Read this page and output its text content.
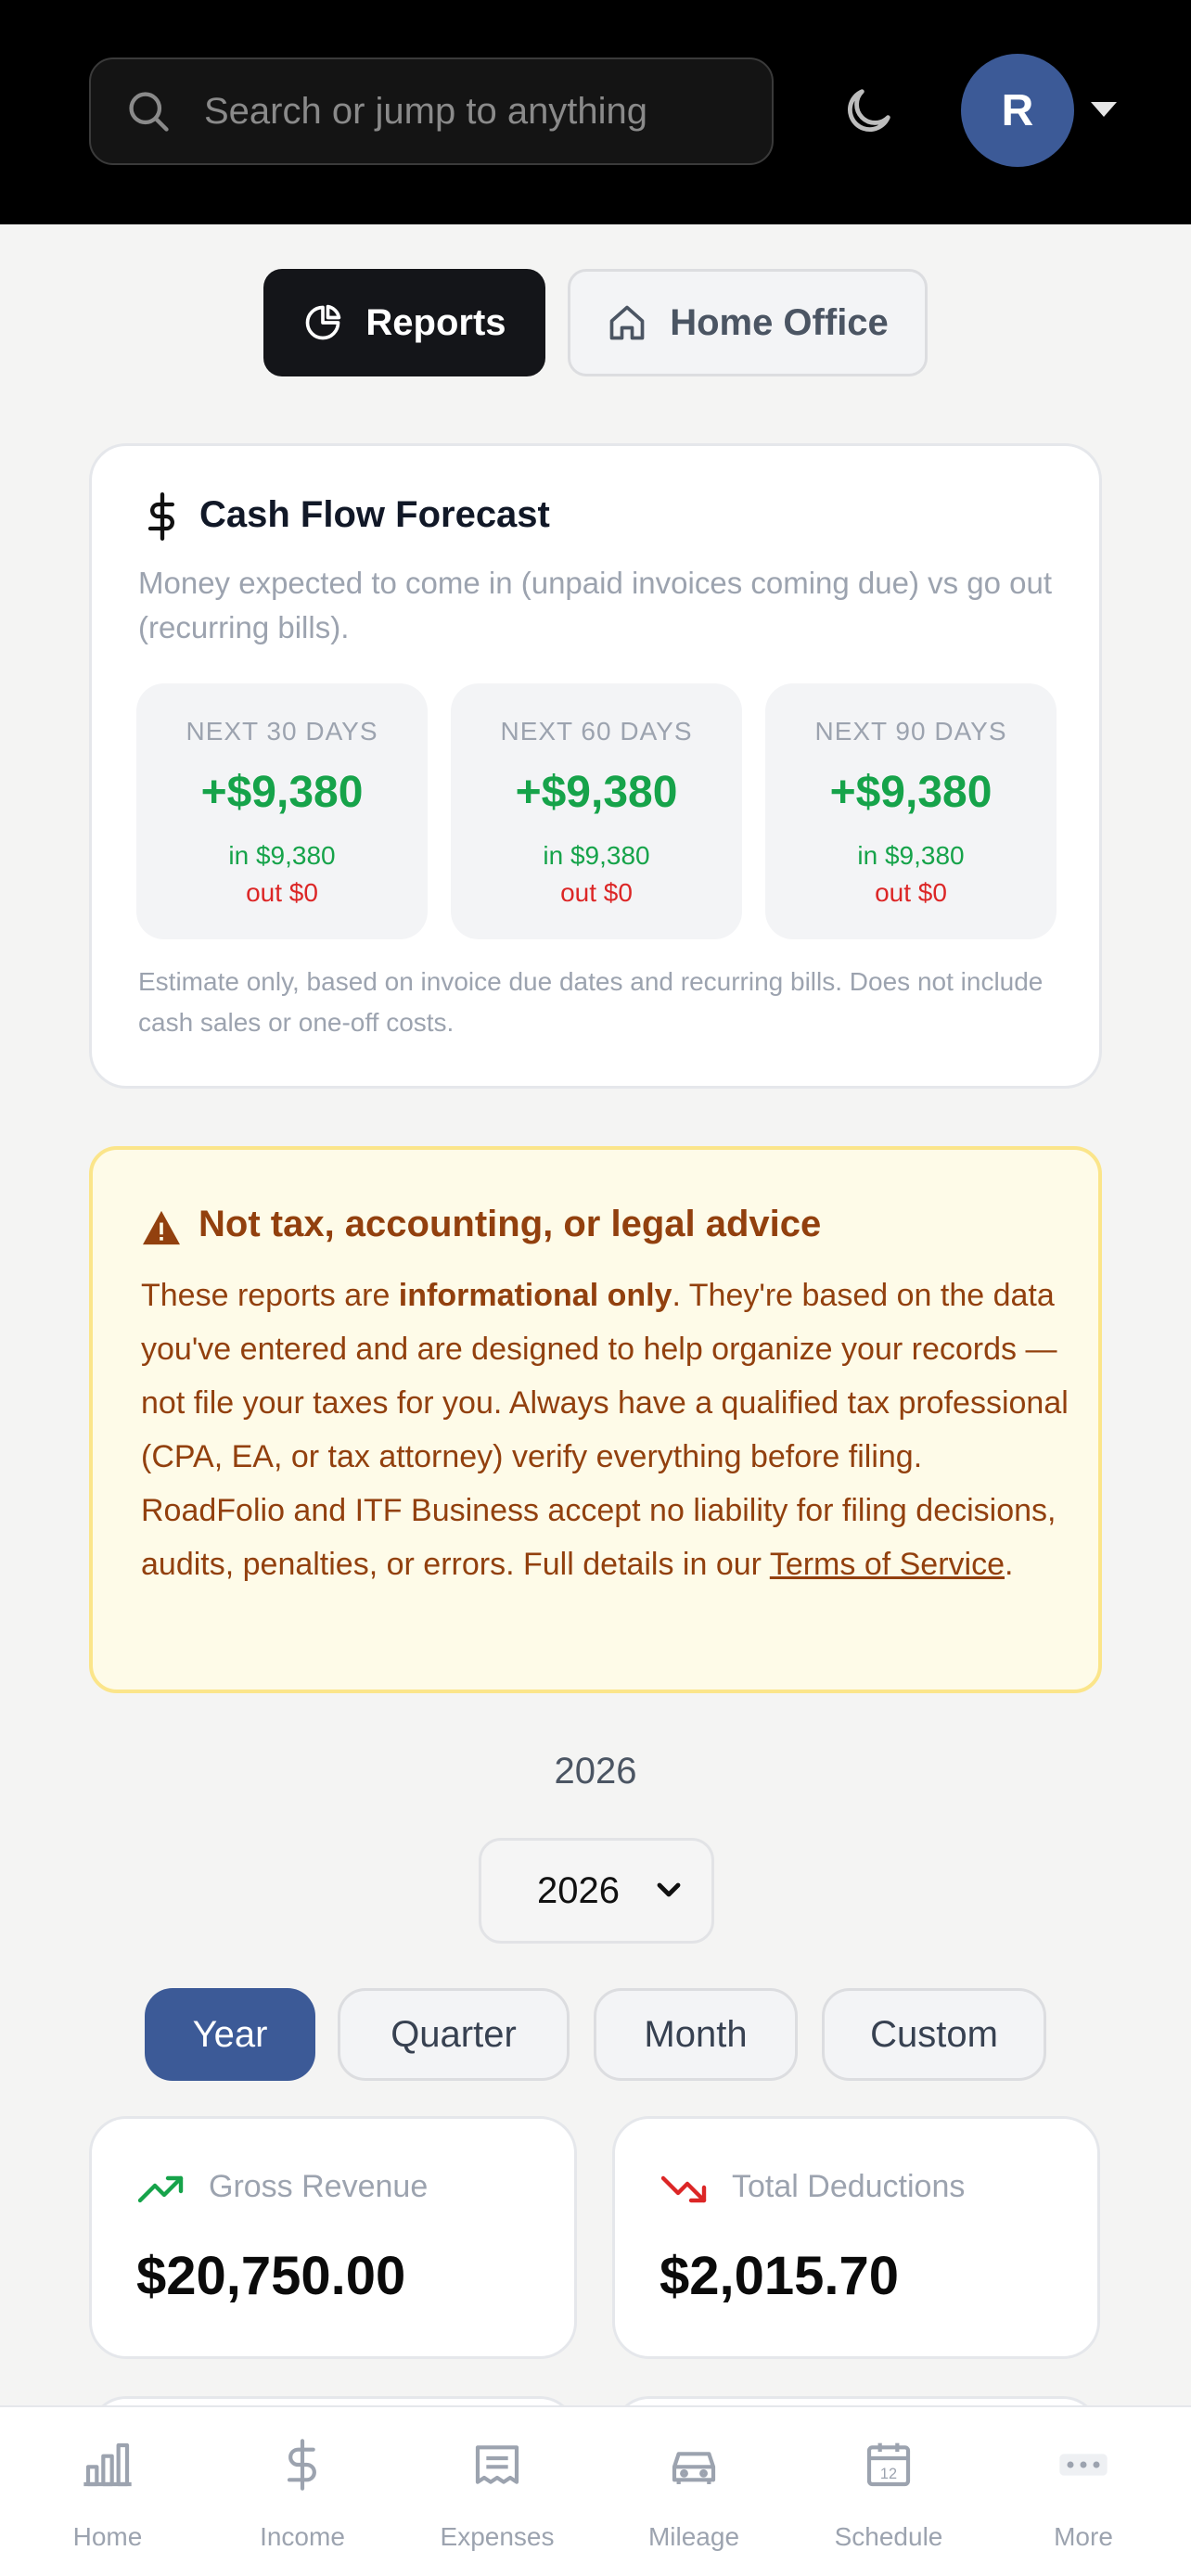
Search or jump to anything
R
Reports	Home Office
Cash Flow Forecast
Money expected to come in (unpaid invoices coming due) vs go out (recurring bills).
NEXT 30 DAYS
+$9,380
in $9,380
out $0
NEXT 60 DAYS
+$9,380
in $9,380
out $0
NEXT 90 DAYS
+$9,380
in $9,380
out $0
Estimate only, based on invoice due dates and recurring bills. Does not include cash sales or one-off costs.
Not tax, accounting, or legal advice
These reports are informational only. They're based on the data you've entered and are designed to help organize your records — not file your taxes for you. Always have a qualified tax professional (CPA, EA, or tax attorney) verify everything before filing. RoadFolio and ITF Business accept no liability for filing decisions, audits, penalties, or errors. Full details in our Terms of Service.
2026
2026
Year	Quarter	Month	Custom
Gross Revenue
$20,750.00
Total Deductions
$2,015.70
Home	Income	Expenses	Mileage
12
Schedule	More
